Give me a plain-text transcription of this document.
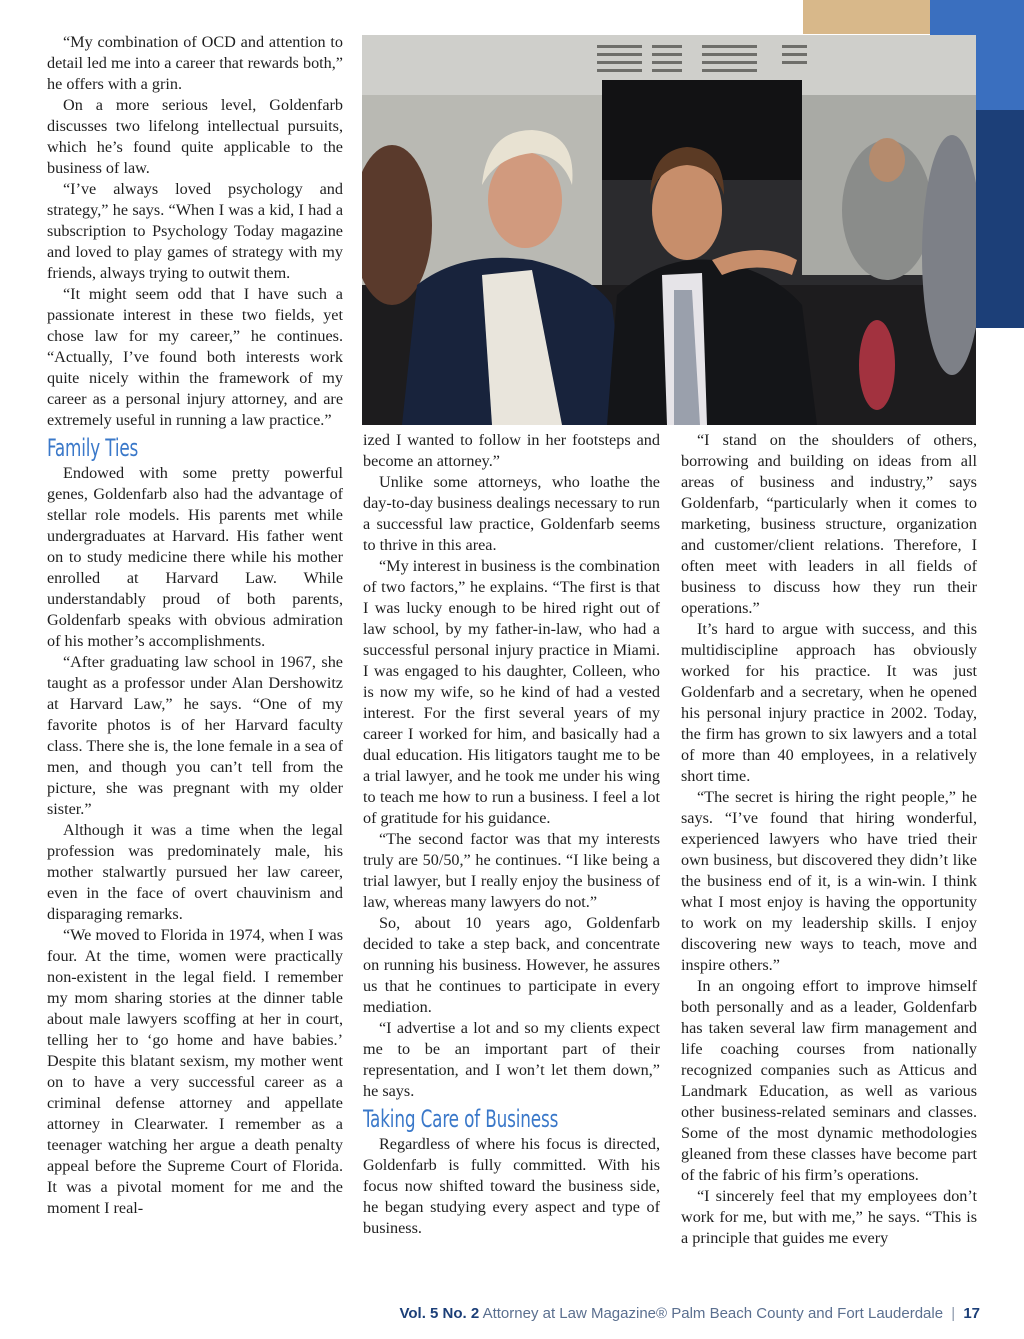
“My combination of OCD and attention to detail led me into a career that rewards both,” he offers with a grin.

On a more serious level, Goldenfarb discusses two lifelong intellectual pursuits, which he’s found quite applicable to the business of law.

“I’ve always loved psychology and strategy,” he says. “When I was a kid, I had a subscription to Psychology Today magazine and loved to play games of strategy with my friends, always trying to outwit them.

“It might seem odd that I have such a passionate interest in these two fields, yet chose law for my career,” he continues. “Actually, I’ve found both interests work quite nicely within the framework of my career as a personal injury attorney, and are extremely useful in running a law practice.”

Family Ties

Endowed with some pretty powerful genes, Goldenfarb also had the advantage of stellar role models. His parents met while undergraduates at Harvard. His father went on to study medicine there while his mother enrolled at Harvard Law. While understandably proud of both parents, Goldenfarb speaks with obvious admiration of his mother’s accomplishments.

“After graduating law school in 1967, she taught as a professor under Alan Dershowitz at Harvard Law,” he says. “One of my favorite photos is of her Harvard faculty class. There she is, the lone female in a sea of men, and though you can’t tell from the picture, she was pregnant with my older sister.”

Although it was a time when the legal profession was predominately male, his mother stalwartly pursued her law career, even in the face of overt chauvinism and disparaging remarks.

“We moved to Florida in 1974, when I was four. At the time, women were practically non-existent in the legal field. I remember my mom sharing stories at the dinner table about male lawyers scoffing at her in court, telling her to ‘go home and have babies.’ Despite this blatant sexism, my mother went on to have a very successful career as a criminal defense attorney and appellate attorney in Clearwater. I remember as a teenager watching her argue a death penalty appeal before the Supreme Court of Florida. It was a pivotal moment for me and the moment I real-

ized I wanted to follow in her footsteps and become an attorney.”

Unlike some attorneys, who loathe the day-to-day business dealings necessary to run a successful law practice, Goldenfarb seems to thrive in this area.

“My interest in business is the combination of two factors,” he explains. “The first is that I was lucky enough to be hired right out of law school, by my father-in-law, who had a successful personal injury practice in Miami. I was engaged to his daughter, Colleen, who is now my wife, so he kind of had a vested interest. For the first several years of my career I worked for him, and basically had a dual education. His litigators taught me to be a trial lawyer, and he took me under his wing to teach me how to run a business. I feel a lot of gratitude for his guidance.

“The second factor was that my interests truly are 50/50,” he continues. “I like being a trial lawyer, but I really enjoy the business of law, whereas many lawyers do not.”

So, about 10 years ago, Goldenfarb decided to take a step back, and concentrate on running his business. However, he assures us that he continues to participate in every mediation.

“I advertise a lot and so my clients expect me to be an important part of their representation, and I won’t let them down,” he says.

Taking Care of Business

Regardless of where his focus is directed, Goldenfarb is fully committed. With his focus now shifted toward the business side, he began studying every aspect and type of business.

“I stand on the shoulders of others, borrowing and building on ideas from all areas of business and industry,” says Goldenfarb, “particularly when it comes to marketing, business structure, organization and customer/client relations. Therefore, I often meet with leaders in all fields of business to discuss how they run their operations.”

It’s hard to argue with success, and this multidiscipline approach has obviously worked for his practice. It was just Goldenfarb and a secretary, when he opened his personal injury practice in 2002. Today, the firm has grown to six lawyers and a total of more than 40 employees, in a relatively short time.

“The secret is hiring the right people,” he says. “I’ve found that hiring wonderful, experienced lawyers who have tried their own business, but discovered they didn’t like the business end of it, is a win-win. I think what I most enjoy is having the opportunity to work on my leadership skills. I enjoy discovering new ways to teach, move and inspire others.”

In an ongoing effort to improve himself both personally and as a leader, Goldenfarb has taken several law firm management and life coaching courses from nationally recognized companies such as Atticus and Landmark Education, as well as various other business-related seminars and classes. Some of the most dynamic methodologies gleaned from these classes have become part of the fabric of his firm’s operations.

“I sincerely feel that my employees don’t work for me, but with me,” he says. “This is a principle that guides me every

Vol. 5 No. 2 Attorney at Law Magazine® Palm Beach County and Fort Lauderdale | 17
